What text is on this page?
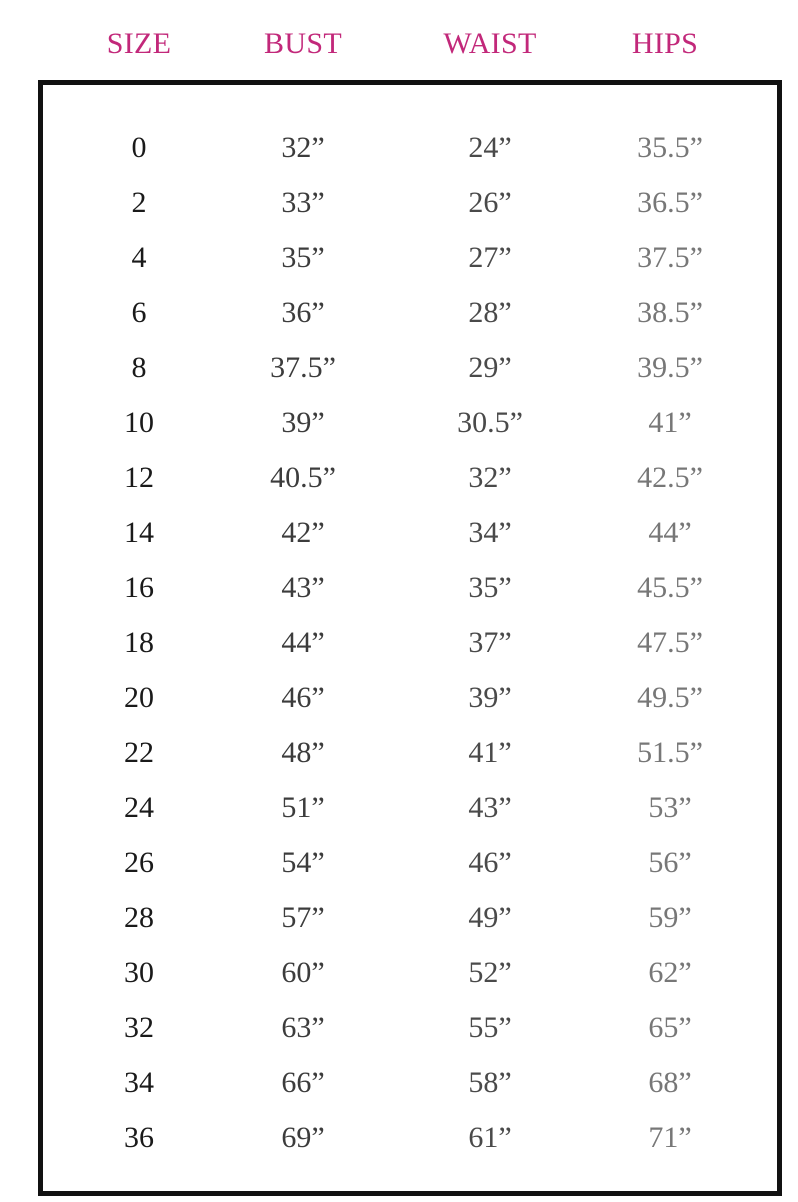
SIZE	BUST	WAIST	HIPS
0	32”	24”	35.5”
2	33”	26”	36.5”
4	35”	27”	37.5”
6	36”	28”	38.5”
8	37.5”	29”	39.5”
10	39”	30.5”	41”
12	40.5”	32”	42.5”
14	42”	34”	44”
16	43”	35”	45.5”
18	44”	37”	47.5”
20	46”	39”	49.5”
22	48”	41”	51.5”
24	51”	43”	53”
26	54”	46”	56”
28	57”	49”	59”
30	60”	52”	62”
32	63”	55”	65”
34	66”	58”	68”
36	69”	61”	71”
